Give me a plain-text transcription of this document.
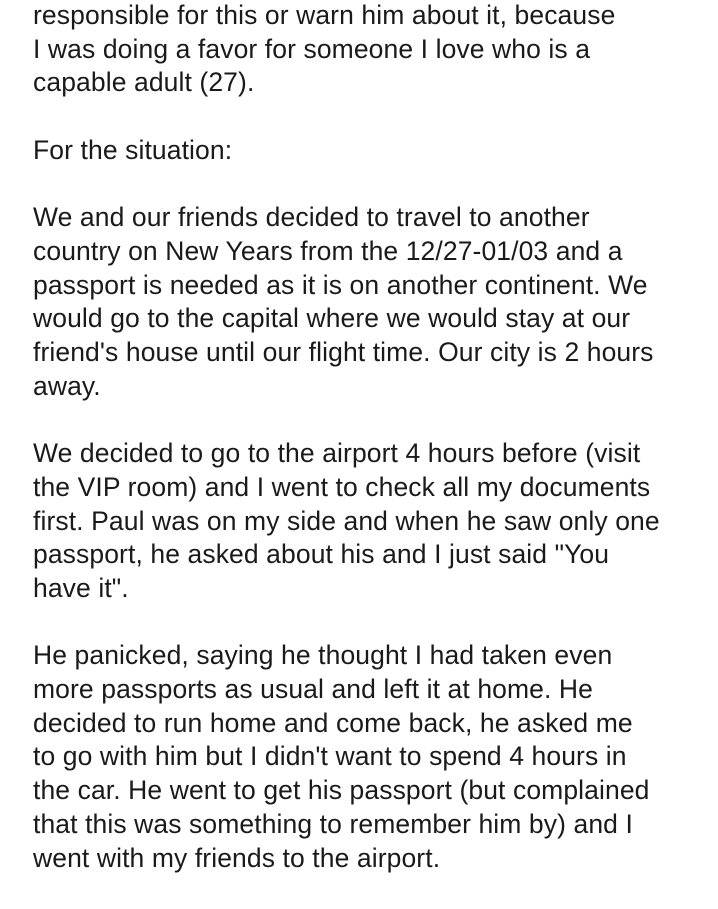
responsible for this or warn him about it, because
I was doing a favor for someone I love who is a
capable adult (27).

For the situation:

We and our friends decided to travel to another
country on New Years from the 12/27-01/03 and a
passport is needed as it is on another continent. We
would go to the capital where we would stay at our
friend's house until our flight time. Our city is 2 hours
away.

We decided to go to the airport 4 hours before (visit
the VIP room) and I went to check all my documents
first. Paul was on my side and when he saw only one
passport, he asked about his and I just said "You
have it".

He panicked, saying he thought I had taken even
more passports as usual and left it at home. He
decided to run home and come back, he asked me
to go with him but I didn't want to spend 4 hours in
the car. He went to get his passport (but complained
that this was something to remember him by) and I
went with my friends to the airport.
